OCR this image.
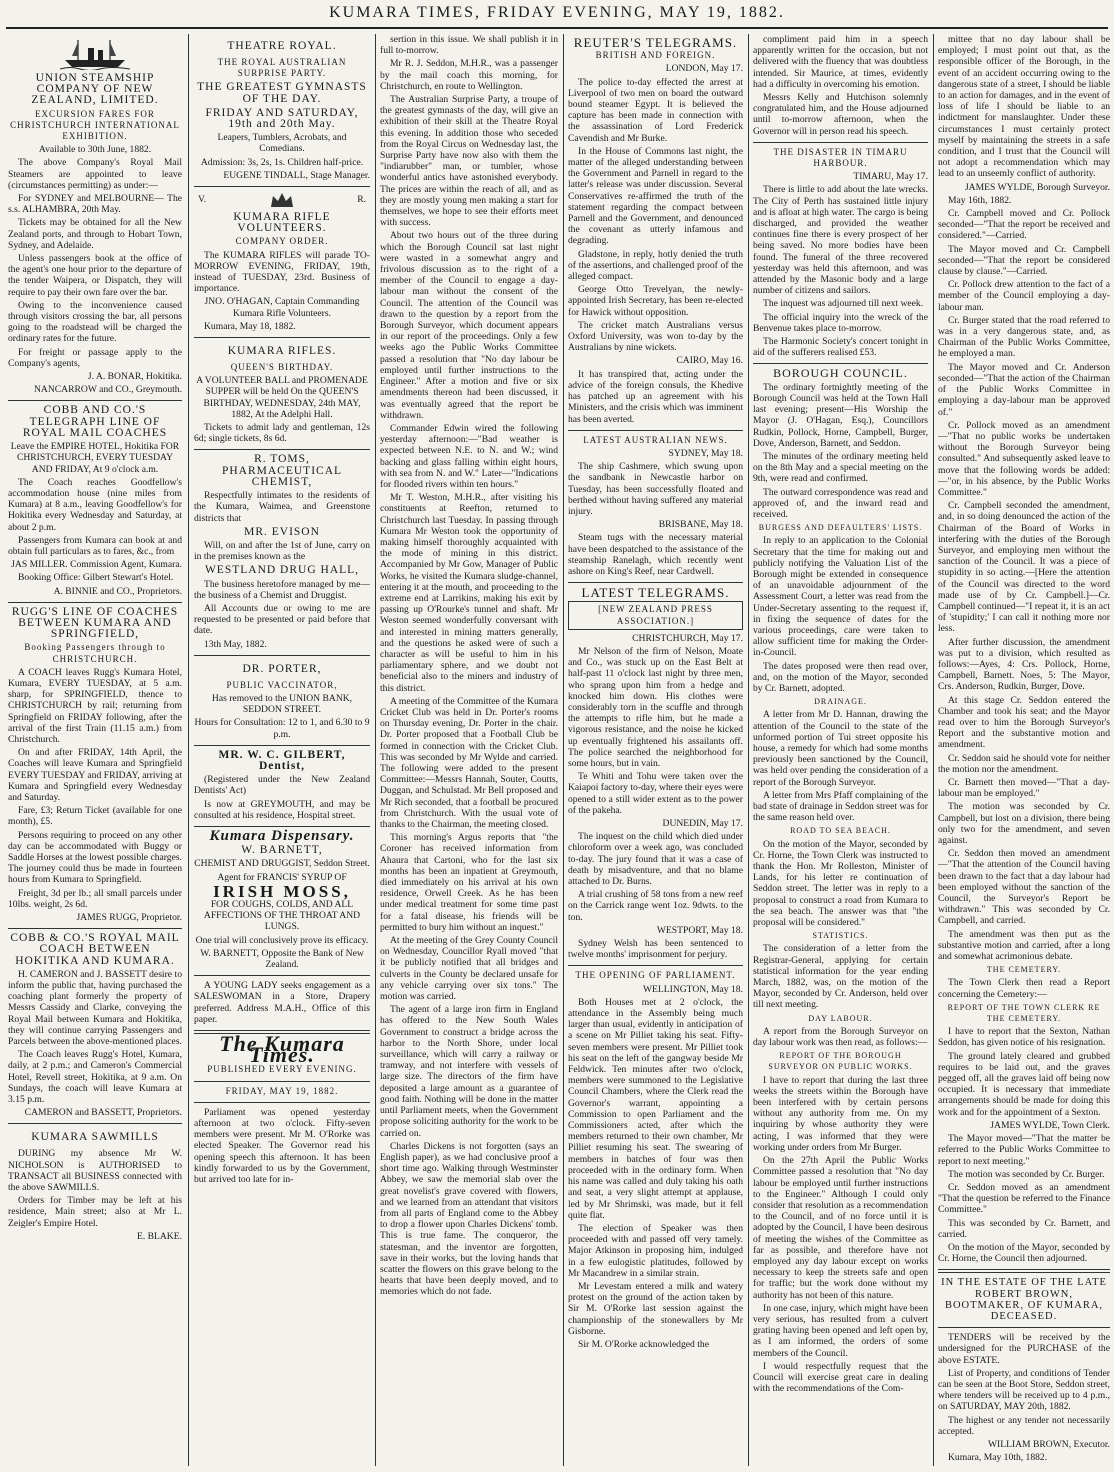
KUMARA TIMES, FRIDAY EVENING, MAY 19, 1882.
UNION STEAMSHIP COMPANY OF NEW ZEALAND, LIMITED.
EXCURSION FARES FOR CHRISTCHURCH INTERNATIONAL EXHIBITION.

Available to 30th June, 1882.

The above Company's Royal Mail Steamers are appointed to leave (circumstances permitting) as under:—

For SYDNEY and MELBOURNE— The s.s. ALHAMBRA, 20th May.

Tickets may be obtained for all the New Zealand ports, and through to Hobart Town, Sydney, and Adelaide.

Unless passengers book at the office of the agent's one hour prior to the departure of the tender Waipera, or Dispatch, they will require to pay their own fare over the bar.

Owing to the inconvenience caused through visitors crossing the bar, all persons going to the roadstead will be charged the ordinary rates for the future.

For freight or passage apply to the Company's agents,

J. A. BONAR, Hokitika.

NANCARROW and CO., Greymouth.

COBB AND CO.'S TELEGRAPH LINE OF ROYAL MAIL COACHES

Leave the EMPIRE HOTEL, Hokitika FOR CHRISTCHURCH, EVERY TUESDAY AND FRIDAY, At 9 o'clock a.m.

The Coach reaches Goodfellow's accommodation house (nine miles from Kumara) at 8 a.m., leaving Goodfellow's for Hokitika every Wednesday and Saturday, at about 2 p.m.

Passengers from Kumara can book at and obtain full particulars as to fares, &c., from

JAS MILLER. Commission Agent, Kumara.

Booking Office: Gilbert Stewart's Hotel.

A. BINNIE and CO., Proprietors.

RUGG'S LINE OF COACHES BETWEEN KUMARA AND SPRINGFIELD,
Booking Passengers through to CHRISTCHURCH.

A COACH leaves Rugg's Kumara Hotel, Kumara, EVERY TUESDAY, at 5 a.m. sharp, for SPRINGFIELD, thence to CHRISTCHURCH by rail; returning from Springfield on FRIDAY following, after the arrival of the first Train (11.15 a.m.) from Christchurch.

On and after FRIDAY, 14th April, the Coaches will leave Kumara and Springfield EVERY TUESDAY and FRIDAY, arriving at Kumara and Springfield every Wednesday and Saturday.

Fare, £3; Return Ticket (available for one month), £5.

Persons requiring to proceed on any other day can be accommodated with Buggy or Saddle Horses at the lowest possible charges. The journey could thus be made in fourteen hours from Kumara to Springfield.

Freight, 3d per lb.; all small parcels under 10lbs. weight, 2s 6d.

JAMES RUGG, Proprietor.

COBB & CO.'S ROYAL MAIL COACH BETWEEN HOKITIKA AND KUMARA.

H. CAMERON and J. BASSETT desire to inform the public that, having purchased the coaching plant formerly the property of Messrs Cassidy and Clarke, conveying the Royal Mail between Kumara and Hokitika, they will continue carrying Passengers and Parcels between the above-mentioned places.

The Coach leaves Rugg's Hotel, Kumara, daily, at 2 p.m.; and Cameron's Commercial Hotel, Revell street, Hokitika, at 9 a.m. On Sundays, the coach will leave Kumara at 3.15 p.m.

CAMERON and BASSETT, Proprietors.

KUMARA SAWMILLS

DURING my absence Mr W. NICHOLSON is AUTHORISED to TRANSACT all BUSINESS connected with the above SAWMILLS.

Orders for Timber may be left at his residence, Main street; also at Mr L. Zeigler's Empire Hotel.

E. BLAKE.

THEATRE ROYAL.
THE ROYAL AUSTRALIAN SURPRISE PARTY.
THE GREATEST GYMNASTS OF THE DAY.
FRIDAY AND SATURDAY, 19th and 20th May.

Leapers, Tumblers, Acrobats, and Comedians.

Admission: 3s, 2s, 1s. Children half-price.

EUGENE TINDALL, Stage Manager.

V.	R.
KUMARA RIFLE VOLUNTEERS.
COMPANY ORDER.

The KUMARA RIFLES will parade TO-MORROW EVENING, FRIDAY, 19th, instead of TUESDAY, 23rd. Business of importance.

JNO. O'HAGAN, Captain Commanding Kumara Rifle Volunteers.

Kumara, May 18, 1882.

KUMARA RIFLES.
QUEEN'S BIRTHDAY.

A VOLUNTEER BALL and PROMENADE SUPPER will be held On the QUEEN'S BIRTHDAY, WEDNESDAY, 24th MAY, 1882, At the Adelphi Hall.

Tickets to admit lady and gentleman, 12s 6d; single tickets, 8s 6d.

R. TOMS, PHARMACEUTICAL CHEMIST,

Respectfully intimates to the residents of the Kumara, Waimea, and Greenstone districts that

MR. EVISON

Will, on and after the 1st of June, carry on in the premises known as the

WESTLAND DRUG HALL,

The business heretofore managed by me—the business of a Chemist and Druggist.

All Accounts due or owing to me are requested to be presented or paid before that date.

13th May, 1882.

DR. PORTER,
PUBLIC VACCINATOR,

Has removed to the UNION BANK, SEDDON STREET.

Hours for Consultation: 12 to 1, and 6.30 to 9 p.m.

MR. W. C. GILBERT, Dentist,

(Registered under the New Zealand Dentists' Act)

Is now at GREYMOUTH, and may be consulted at his residence, Hospital street.

Kumara Dispensary.
W. BARNETT,

CHEMIST AND DRUGGIST, Seddon Street.

Agent for FRANCIS' SYRUP OF

IRISH MOSS,

FOR COUGHS, COLDS, AND ALL AFFECTIONS OF THE THROAT AND LUNGS.

One trial will conclusively prove its efficacy.

W. BARNETT, Opposite the Bank of New Zealand.

A YOUNG LADY seeks engagement as a SALESWOMAN in a Store, Drapery preferred. Address M.A.H., Office of this paper.

The Kumara Times.
PUBLISHED EVERY EVENING.
FRIDAY, MAY 19, 1882.

Parliament was opened yesterday afternoon at two o'clock. Fifty-seven members were present. Mr M. O'Rorke was elected Speaker. The Governor read his opening speech this afternoon. It has been kindly forwarded to us by the Government, but arrived too late for in-

sertion in this issue. We shall publish it in full to-morrow.

Mr R. J. Seddon, M.H.R., was a passenger by the mail coach this morning, for Christchurch, en route to Wellington.

The Australian Surprise Party, a troupe of the greatest gymnasts of the day, will give an exhibition of their skill at the Theatre Royal this evening. In addition those who seceded from the Royal Circus on Wednesday last, the Surprise Party have now also with them the "indiarubber" man, or tumbler, whose wonderful antics have astonished everybody. The prices are within the reach of all, and as they are mostly young men making a start for themselves, we hope to see their efforts meet with success.

About two hours out of the three during which the Borough Council sat last night were wasted in a somewhat angry and frivolous discussion as to the right of a member of the Council to engage a day-labour man without the consent of the Council. The attention of the Council was drawn to the question by a report from the Borough Surveyor, which document appears in our report of the proceedings. Only a few weeks ago the Public Works Committee passed a resolution that "No day labour be employed until further instructions to the Engineer." After a motion and five or six amendments thereon had been discussed, it was eventually agreed that the report be withdrawn.

Commander Edwin wired the following yesterday afternoon:—"Bad weather is expected between N.E. to N. and W.; wind backing and glass falling within eight hours, with sea from N. and W." Later—"Indications for flooded rivers within ten hours."

Mr T. Weston, M.H.R., after visiting his constituents at Reefton, returned to Christchurch last Tuesday. In passing through Kumara Mr Weston took the opportunity of making himself thoroughly acquainted with the mode of mining in this district. Accompanied by Mr Gow, Manager of Public Works, he visited the Kumara sludge-channel, entering it at the mouth, and proceeding to the extreme end at Larrikins, making his exit by passing up O'Rourke's tunnel and shaft. Mr Weston seemed wonderfully conversant with and interested in mining matters generally, and the questions he asked were of such a character as will be useful to him in his parliamentary sphere, and we doubt not beneficial also to the miners and industry of this district.

A meeting of the Committee of the Kumara Cricket Club was held in Dr. Porter's rooms on Thursday evening, Dr. Porter in the chair. Dr. Porter proposed that a Football Club be formed in connection with the Cricket Club. This was seconded by Mr Wylde and carried. The following were added to the present Committee:—Messrs Hannah, Souter, Coutts, Duggan, and Schulstad. Mr Bell proposed and Mr Rich seconded, that a football be procured from Christchurch. With the usual vote of thanks to the Chairman, the meeting closed.

This morning's Argus reports that "the Coroner has received information from Ahaura that Cartoni, who for the last six months has been an inpatient at Greymouth, died immediately on his arrival at his own residence, Orwell Creek. As he has been under medical treatment for some time past for a fatal disease, his friends will be permitted to bury him without an inquest."

At the meeting of the Grey County Council on Wednesday, Councillor Ryall moved "that it be publicly notified that all bridges and culverts in the County be declared unsafe for any vehicle carrying over six tons." The motion was carried.

The agent of a large iron firm in England has offered to the New South Wales Government to construct a bridge across the harbor to the North Shore, under local surveillance, which will carry a railway or tramway, and not interfere with vessels of large size. The directors of the firm have deposited a large amount as a guarantee of good faith. Nothing will be done in the matter until Parliament meets, when the Government propose soliciting authority for the work to be carried on.

Charles Dickens is not forgotten (says an English paper), as we had conclusive proof a short time ago. Walking through Westminster Abbey, we saw the memorial slab over the great novelist's grave covered with flowers, and we learned from an attendant that visitors from all parts of England come to the Abbey to drop a flower upon Charles Dickens' tomb. This is true fame. The conqueror, the statesman, and the inventor are forgotten, save in their works, but the loving hands that scatter the flowers on this grave belong to the hearts that have been deeply moved, and to memories which do not fade.

REUTER'S TELEGRAMS.
BRITISH AND FOREIGN.

LONDON, May 17.

The police to-day effected the arrest at Liverpool of two men on board the outward bound steamer Egypt. It is believed the capture has been made in connection with the assassination of Lord Frederick Cavendish and Mr Burke.

In the House of Commons last night, the matter of the alleged understanding between the Government and Parnell in regard to the latter's release was under discussion. Several Conservatives re-affirmed the truth of the statement regarding the compact between Parnell and the Government, and denounced the covenant as utterly infamous and degrading.

Gladstone, in reply, hotly denied the truth of the assertions, and challenged proof of the alleged compact.

George Otto Trevelyan, the newly-appointed Irish Secretary, has been re-elected for Hawick without opposition.

The cricket match Australians versus Oxford University, was won to-day by the Australians by nine wickets.

CAIRO, May 16.

It has transpired that, acting under the advice of the foreign consuls, the Khedive has patched up an agreement with his Ministers, and the crisis which was imminent has been averted.

LATEST AUSTRALIAN NEWS.

SYDNEY, May 18.

The ship Cashmere, which swung upon the sandbank in Newcastle harbor on Tuesday, has been successfully floated and berthed without having suffered any material injury.

BRISBANE, May 18.

Steam tugs with the necessary material have been despatched to the assistance of the steamship Ranelagh, which recently went ashore on King's Reef, near Cardwell.

LATEST TELEGRAMS.
[NEW ZEALAND PRESS ASSOCIATION.]

CHRISTCHURCH, May 17.

Mr Nelson of the firm of Nelson, Moate and Co., was stuck up on the East Belt at half-past 11 o'clock last night by three men, who sprang upon him from a hedge and knocked him down. His clothes were considerably torn in the scuffle and through the attempts to rifle him, but he made a vigorous resistance, and the noise he kicked up eventually frightened his assailants off. The police searched the neighborhood for some hours, but in vain.

Te Whiti and Tohu were taken over the Kaiapoi factory to-day, where their eyes were opened to a still wider extent as to the power of the pakeha.

DUNEDIN, May 17.

The inquest on the child which died under chloroform over a week ago, was concluded to-day. The jury found that it was a case of death by misadventure, and that no blame attached to Dr. Burns.

A trial crushing of 58 tons from a new reef on the Carrick range went 1oz. 9dwts. to the ton.

WESTPORT, May 18.

Sydney Welsh has been sentenced to twelve months' imprisonment for perjury.

THE OPENING OF PARLIAMENT.

WELLINGTON, May 18.

Both Houses met at 2 o'clock, the attendance in the Assembly being much larger than usual, evidently in anticipation of a scene on Mr Pilliet taking his seat. Fifty-seven members were present. Mr Pilliet took his seat on the left of the gangway beside Mr Feldwick. Ten minutes after two o'clock, members were summoned to the Legislative Council Chambers, where the Clerk read the Governor's warrant, appointing a Commission to open Parliament and the Commissioners acted, after which the members returned to their own chamber, Mr Pilliet resuming his seat. The swearing of members in batches of four was then proceeded with in the ordinary form. When his name was called and duly taking his oath and seat, a very slight attempt at applause, led by Mr Shrimski, was made, but it fell quite flat.

The election of Speaker was then proceeded with and passed off very tamely. Major Atkinson in proposing him, indulged in a few eulogistic platitudes, followed by Mr Macandrew in a similar strain.

Mr Levestam entered a milk and watery protest on the ground of the action taken by Sir M. O'Rorke last session against the championship of the stonewallers by Mr Gisborne.

Sir M. O'Rorke acknowledged the

compliment paid him in a speech apparently written for the occasion, but not delivered with the fluency that was doubtless intended. Sir Maurice, at times, evidently had a difficulty in overcoming his emotion.

Messrs Kelly and Hutchison solemnly congratulated him, and the House adjourned until to-morrow afternoon, when the Governor will in person read his speech.

THE DISASTER IN TIMARU HARBOUR.

TIMARU, May 17.

There is little to add about the late wrecks. The City of Perth has sustained little injury and is afloat at high water. The cargo is being discharged, and provided the weather continues fine there is every prospect of her being saved. No more bodies have been found. The funeral of the three recovered yesterday was held this afternoon, and was attended by the Masonic body and a large number of citizens and sailors.

The inquest was adjourned till next week.

The official inquiry into the wreck of the Benvenue takes place to-morrow.

The Harmonic Society's concert tonight in aid of the sufferers realised £53.

BOROUGH COUNCIL.

The ordinary fortnightly meeting of the Borough Council was held at the Town Hall last evening; present—His Worship the Mayor (J. O'Hagan, Esq.), Councillors Rudkin, Pollock, Horne, Campbell, Burger, Dove, Anderson, Barnett, and Seddon.

The minutes of the ordinary meeting held on the 8th May and a special meeting on the 9th, were read and confirmed.

The outward correspondence was read and approved of, and the inward read and received.

BURGESS AND DEFAULTERS' LISTS.

In reply to an application to the Colonial Secretary that the time for making out and publicly notifying the Valuation List of the Borough might be extended in consequence of an unavoidable adjournment of the Assessment Court, a letter was read from the Under-Secretary assenting to the request if, in fixing the sequence of dates for the various proceedings, care were taken to allow sufficient time for making the Order-in-Council.

The dates proposed were then read over, and, on the motion of the Mayor, seconded by Cr. Barnett, adopted.

DRAINAGE.

A letter from Mr D. Hannan, drawing the attention of the Council to the state of the unformed portion of Tui street opposite his house, a remedy for which had some months previously been sanctioned by the Council, was held over pending the consideration of a report of the Borough Surveyor.

A letter from Mrs Pfaff complaining of the bad state of drainage in Seddon street was for the same reason held over.

ROAD TO SEA BEACH.

On the motion of the Mayor, seconded by Cr. Horne, the Town Clerk was instructed to thank the Hon. Mr Rolleston, Minister of Lands, for his letter re continuation of Seddon street. The letter was in reply to a proposal to construct a road from Kumara to the sea beach. The answer was that "the proposal will be considered."

STATISTICS.

The consideration of a letter from the Registrar-General, applying for certain statistical information for the year ending March, 1882, was, on the motion of the Mayor, seconded by Cr. Anderson, held over till next meeting.

DAY LABOUR.

A report from the Borough Surveyor on day labour work was then read, as follows:—

REPORT OF THE BOROUGH SURVEYOR ON PUBLIC WORKS.

I have to report that during the last three weeks the streets within the Borough have been interfered with by certain persons without any authority from me. On my inquiring by whose authority they were acting, I was informed that they were working under orders from Mr Burger.

On the 27th April the Public Works Committee passed a resolution that "No day labour be employed until further instructions to the Engineer." Although I could only consider that resolution as a recommendation to the Council, and of no force until it is adopted by the Council, I have been desirous of meeting the wishes of the Committee as far as possible, and therefore have not employed any day labour except on works necessary to keep the streets safe and open for traffic; but the work done without my authority has not been of this nature.

In one case, injury, which might have been very serious, has resulted from a culvert grating having been opened and left open by, as I am informed, the orders of some members of the Council.

I would respectfully request that the Council will exercise great care in dealing with the recommendations of the Com-

mittee that no day labour shall be employed; I must point out that, as the responsible officer of the Borough, in the event of an accident occurring owing to the dangerous state of a street, I should be liable to an action for damages, and in the event of loss of life I should be liable to an indictment for manslaughter. Under these circumstances I must certainly protect myself by maintaining the streets in a safe condition, and I trust that the Council will not adopt a recommendation which may lead to an unseemly conflict of authority.

JAMES WYLDE, Borough Surveyor.

May 16th, 1882.

Cr. Campbell moved and Cr. Pollock seconded—"That the report be received and considered."—Carried.

The Mayor moved and Cr. Campbell seconded—"That the report be considered clause by clause."—Carried.

Cr. Pollock drew attention to the fact of a member of the Council employing a day-labour man.

Cr. Burger stated that the road referred to was in a very dangerous state, and, as Chairman of the Public Works Committee, he employed a man.

The Mayor moved and Cr. Anderson seconded—"That the action of the Chairman of the Public Works Committee in employing a day-labour man be approved of."

Cr. Pollock moved as an amendment—"That no public works be undertaken without the Borough Surveyor being consulted." And subsequently asked leave to move that the following words be added:—"or, in his absence, by the Public Works Committee."

Cr. Campbell seconded the amendment, and, in so doing denounced the action of the Chairman of the Board of Works in interfering with the duties of the Borough Surveyor, and employing men without the sanction of the Council. It was a piece of stupidity in so acting.—[Here the attention of the Council was directed to the word made use of by Cr. Campbell.]—Cr. Campbell continued—"I repeat it, it is an act of 'stupidity;' I can call it nothing more nor less.

After further discussion, the amendment was put to a division, which resulted as follows:—Ayes, 4: Crs. Pollock, Horne, Campbell, Barnett. Noes, 5: The Mayor, Crs. Anderson, Rudkin, Burger, Dove.

At this stage Cr. Seddon entered the Chamber and took his seat; and the Mayor read over to him the Borough Surveyor's Report and the substantive motion and amendment.

Cr. Seddon said he should vote for neither the motion nor the amendment.

Cr. Barnett then moved—"That a day-labour man be employed."

The motion was seconded by Cr. Campbell, but lost on a division, there being only two for the amendment, and seven against.

Cr. Seddon then moved an amendment—"That the attention of the Council having been drawn to the fact that a day labour had been employed without the sanction of the Council, the Surveyor's Report be withdrawn." This was seconded by Cr. Campbell, and carried.

The amendment was then put as the substantive motion and carried, after a long and somewhat acrimonious debate.

THE CEMETERY.

The Town Clerk then read a Report concerning the Cemetery:—

REPORT OF THE TOWN CLERK RE THE CEMETERY.

I have to report that the Sexton, Nathan Seddon, has given notice of his resignation.

The ground lately cleared and grubbed requires to be laid out, and the graves pegged off, all the graves laid off being now occupied. It is necessary that immediate arrangements should be made for doing this work and for the appointment of a Sexton.

JAMES WYLDE, Town Clerk.

The Mayor moved—"That the matter be referred to the Public Works Committee to report to next meeting."

The motion was seconded by Cr. Burger.

Cr. Seddon moved as an amendment "That the question be referred to the Finance Committee."

This was seconded by Cr. Barnett, and carried.

On the motion of the Mayor, seconded by Cr. Horne, the Council then adjourned.

IN THE ESTATE OF THE LATE ROBERT BROWN, BOOTMAKER, OF KUMARA, DECEASED.

TENDERS will be received by the undersigned for the PURCHASE of the above ESTATE.

List of Property, and conditions of Tender can be seen at the Boot Store, Seddon street, where tenders will be received up to 4 p.m., on SATURDAY, MAY 20th, 1882.

The highest or any tender not necessarily accepted.

WILLIAM BROWN, Executor.

Kumara, May 10th, 1882.
